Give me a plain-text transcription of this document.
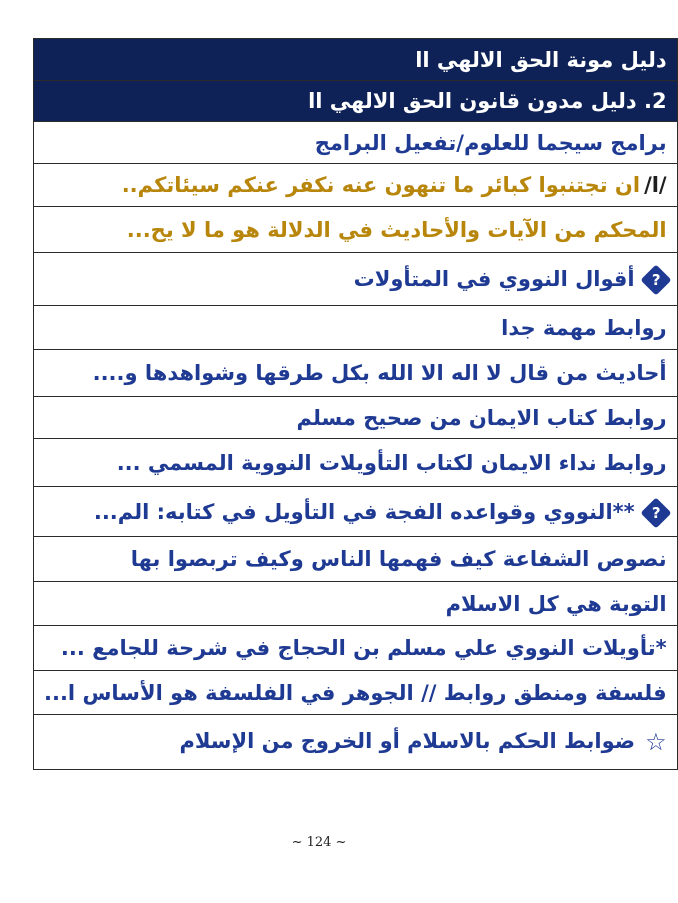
دليل مونة الحق الالهي اا
2. دليل مدون قانون الحق الالهي اا
برامج سيجما للعلوم/تفعيل البرامج
/ا/ان تجتنبوا كبائر ما تنهون عنه نكفر عنكم سيئاتكم..
المحكم من الآيات والأحاديث في الدلالة هو ما لا يح...
?أقوال النووي في المتأولات
روابط مهمة جدا
أحاديث من قال لا اله الا الله بكل طرقها وشواهدها و....
روابط كتاب الايمان من صحيح مسلم
روابط نداء الايمان لكتاب التأويلات النووية المسمي ...
?**النووي وقواعده الفجة في التأويل في كتابه: الم...
نصوص الشفاعة كيف فهمها الناس وكيف تربصوا بها
التوبة هي كل الاسلام
*تأويلات النووي علي مسلم بن الحجاج في شرحة للجامع ...
فلسفة ومنطق روابط // الجوهر في الفلسفة هو الأساس ا...
☆ضوابط الحكم بالاسلام أو الخروج من الإسلام
~ 124 ~
